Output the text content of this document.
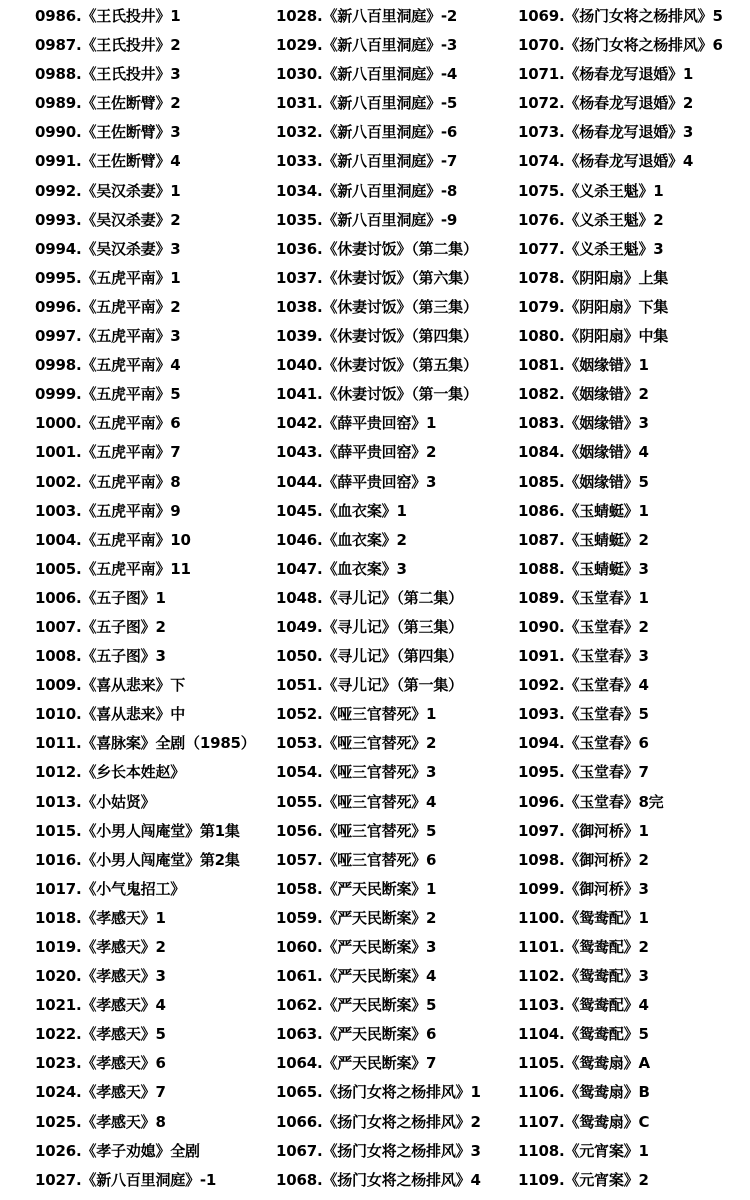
0986.《王氏投井》1
0987.《王氏投井》2
0988.《王氏投井》3
0989.《王佐断臂》2
0990.《王佐断臂》3
0991.《王佐断臂》4
0992.《吴汉杀妻》1
0993.《吴汉杀妻》2
0994.《吴汉杀妻》3
0995.《五虎平南》1
0996.《五虎平南》2
0997.《五虎平南》3
0998.《五虎平南》4
0999.《五虎平南》5
1000.《五虎平南》6
1001.《五虎平南》7
1002.《五虎平南》8
1003.《五虎平南》9
1004.《五虎平南》10
1005.《五虎平南》11
1006.《五子图》1
1007.《五子图》2
1008.《五子图》3
1009.《喜从悲来》下
1010.《喜从悲来》中
1011.《喜脉案》全剧（1985）
1012.《乡长本姓赵》
1013.《小姑贤》
1015.《小男人闯庵堂》第1集
1016.《小男人闯庵堂》第2集
1017.《小气鬼招工》
1018.《孝感天》1
1019.《孝感天》2
1020.《孝感天》3
1021.《孝感天》4
1022.《孝感天》5
1023.《孝感天》6
1024.《孝感天》7
1025.《孝感天》8
1026.《孝子劝媳》全剧
1027.《新八百里洞庭》-1
1028.《新八百里洞庭》-2
1029.《新八百里洞庭》-3
1030.《新八百里洞庭》-4
1031.《新八百里洞庭》-5
1032.《新八百里洞庭》-6
1033.《新八百里洞庭》-7
1034.《新八百里洞庭》-8
1035.《新八百里洞庭》-9
1036.《休妻讨饭》（第二集）
1037.《休妻讨饭》（第六集）
1038.《休妻讨饭》（第三集）
1039.《休妻讨饭》（第四集）
1040.《休妻讨饭》（第五集）
1041.《休妻讨饭》（第一集）
1042.《薛平贵回窑》1
1043.《薛平贵回窑》2
1044.《薛平贵回窑》3
1045.《血衣案》1
1046.《血衣案》2
1047.《血衣案》3
1048.《寻儿记》（第二集）
1049.《寻儿记》（第三集）
1050.《寻儿记》（第四集）
1051.《寻儿记》（第一集）
1052.《哑三官替死》1
1053.《哑三官替死》2
1054.《哑三官替死》3
1055.《哑三官替死》4
1056.《哑三官替死》5
1057.《哑三官替死》6
1058.《严天民断案》1
1059.《严天民断案》2
1060.《严天民断案》3
1061.《严天民断案》4
1062.《严天民断案》5
1063.《严天民断案》6
1064.《严天民断案》7
1065.《扬门女将之杨排风》1
1066.《扬门女将之杨排风》2
1067.《扬门女将之杨排风》3
1068.《扬门女将之杨排风》4
1069.《扬门女将之杨排风》5
1070.《扬门女将之杨排风》6
1071.《杨春龙写退婚》1
1072.《杨春龙写退婚》2
1073.《杨春龙写退婚》3
1074.《杨春龙写退婚》4
1075.《义杀王魁》1
1076.《义杀王魁》2
1077.《义杀王魁》3
1078.《阴阳扇》上集
1079.《阴阳扇》下集
1080.《阴阳扇》中集
1081.《姻缘错》1
1082.《姻缘错》2
1083.《姻缘错》3
1084.《姻缘错》4
1085.《姻缘错》5
1086.《玉蜻蜓》1
1087.《玉蜻蜓》2
1088.《玉蜻蜓》3
1089.《玉堂春》1
1090.《玉堂春》2
1091.《玉堂春》3
1092.《玉堂春》4
1093.《玉堂春》5
1094.《玉堂春》6
1095.《玉堂春》7
1096.《玉堂春》8完
1097.《御河桥》1
1098.《御河桥》2
1099.《御河桥》3
1100.《鸳鸯配》1
1101.《鸳鸯配》2
1102.《鸳鸯配》3
1103.《鸳鸯配》4
1104.《鸳鸯配》5
1105.《鸳鸯扇》A
1106.《鸳鸯扇》B
1107.《鸳鸯扇》C
1108.《元宵案》1
1109.《元宵案》2
